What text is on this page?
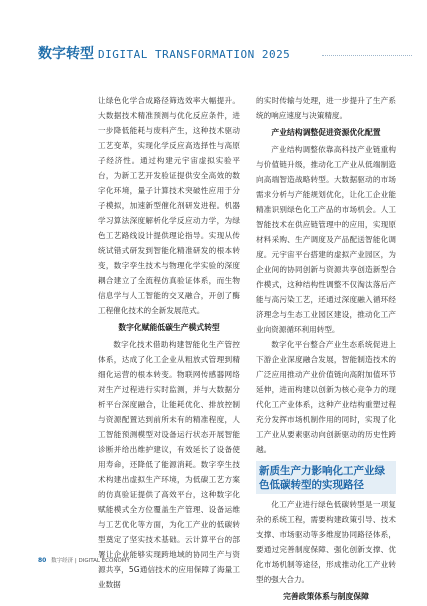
数字转型 DIGITAL TRANSFORMATION 2025

让绿色化学合成路径筛选效率大幅提升。大数据技术精准预测与优化反应条件，进一步降低能耗与废料产生，这种技术驱动工艺变革，实现化学反应高选择性与高原子经济性。通过构建元宇宙虚拟实验平台，为新工艺开发验证提供安全高效的数字化环境，量子计算技术突破性应用于分子模拟，加速新型催化剂研发进程。机器学习算法深度解析化学反应动力学，为绿色工艺路线设计提供理论指导。实现从传统试错式研发到智能化精准研发的根本转变，数字孪生技术与物理化学实验的深度耦合建立了全流程仿真验证体系，而生物信息学与人工智能的交叉融合，开创了酶工程催化技术的全新发展范式。

数字化赋能低碳生产模式转型

数字化技术借助构建智能化生产管控体系，达成了化工企业从粗放式管理到精细化运营的根本转变。物联网传感器网络对生产过程进行实时监测，并与大数据分析平台深度融合，让能耗优化、排放控制与资源配置达到前所未有的精准程度，人工智能预测模型对设备运行状态开展智能诊断并给出维护建议，有效延长了设备使用寿命，还降低了能源消耗。数字孪生技术构建出虚拟生产环境，为低碳工艺方案的仿真验证提供了高效平台，这种数字化赋能模式全方位覆盖生产管理、设备运维与工艺优化等方面，为化工产业的低碳转型奠定了坚实技术基础。云计算平台的部署让企业能够实现跨地域的协同生产与资源共享，5G通信技术的应用保障了海量工业数据

的实时传输与处理，进一步提升了生产系统的响应速度与决策精度。

产业结构调整促进资源优化配置

产业结构调整依靠高科技产业链重构与价值链升级，推动化工产业从低端制造向高端智造战略转型。大数据驱动的市场需求分析与产能规划优化，让化工企业能精准识别绿色化工产品的市场机会。人工智能技术在供应链管理中的应用，实现原材料采购、生产调度及产品配送智能化调度。元宇宙平台搭建的虚拟产业园区，为企业间的协同创新与资源共享创造新型合作模式，这种结构性调整不仅淘汰落后产能与高污染工艺，还通过深度融入循环经济理念与生态工业园区建设，推动化工产业向资源循环利用转型。

数字化平台整合产业生态系统促进上下游企业深度融合发展，智能制造技术的广泛应用推动产业价值链向高附加值环节延伸，进而构建以创新为核心竞争力的现代化工产业体系，这种产业结构重塑过程充分发挥市场机制作用的同时，实现了化工产业从要素驱动向创新驱动的历史性跨越。

新质生产力影响化工产业绿色低碳转型的实现路径

化工产业进行绿色低碳转型是一项复杂的系统工程，需要构建政策引导、技术支撑、市场驱动等多维度协同路径体系，要通过完善制度保障、强化创新支撑、优化市场机制等途径，形成推动化工产业转型的强大合力。

完善政策体系与制度保障
80 数字经济 | DIGITAL ECONOMY
